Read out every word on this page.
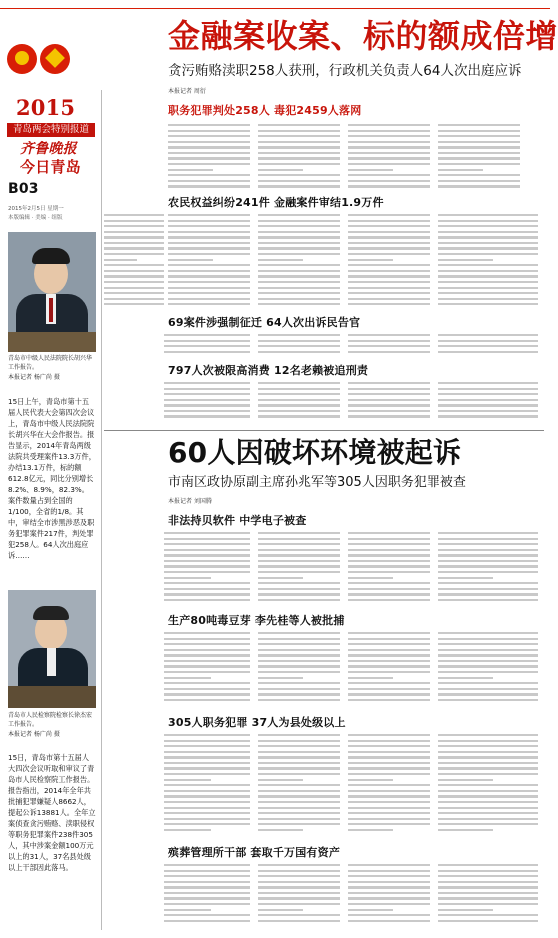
金融案收案、标的额成倍增
贪污贿赂渎职258人获刑，行政机关负责人64人次出庭应诉
2015
青岛两会特别报道
齐鲁晚报
今日青岛
B03
2015年2月5日 星期一
本版编辑 · 美编 · 组版
青岛市中级人民法院院长胡兴华工作报告。
本报记者 杨广尚 摄
15日上午，青岛市第十五届人民代表大会第四次会议上，青岛市中级人民法院院长胡兴华在大会作报告。报告显示，2014年青岛两级法院共受理案件13.3万件，办结13.1万件，标的额612.8亿元，同比分别增长8.2%、8.9%，82.3%。案件数量占到全国的1/100，全省的1/8。其中，审结全市涉黑涉恶及职务犯罪案件217件，判处罪犯258人。64人次出庭应诉……
青岛市人民检察院检察长徐杰宏工作报告。
本报记者 杨广尚 摄
15日，青岛市第十五届人大四次会议听取和审议了青岛市人民检察院工作报告。报告指出，2014年全年共批捕犯罪嫌疑人8662人，提起公诉13881人。全年立案侦查贪污贿赂、渎职侵权等职务犯罪案件238件305人，其中涉案金额100万元以上的31人，37名县处级以上干部因此落马。
本报记者 周衍
职务犯罪判处258人 毒犯2459人落网
农民权益纠纷241件 金融案件审结1.9万件
69案件涉强制征迁 64人次出诉民告官
797人次被限高消费 12名老赖被追刑责
60人因破坏环境被起诉
市南区政协原副主席孙兆军等305人因职务犯罪被查
本报记者 刘国腾
非法持贝软件 中学电子被查
生产80吨毒豆芽 李先桂等人被批捕
305人职务犯罪 37人为县处级以上
殡葬管理所干部 套取千万国有资产
